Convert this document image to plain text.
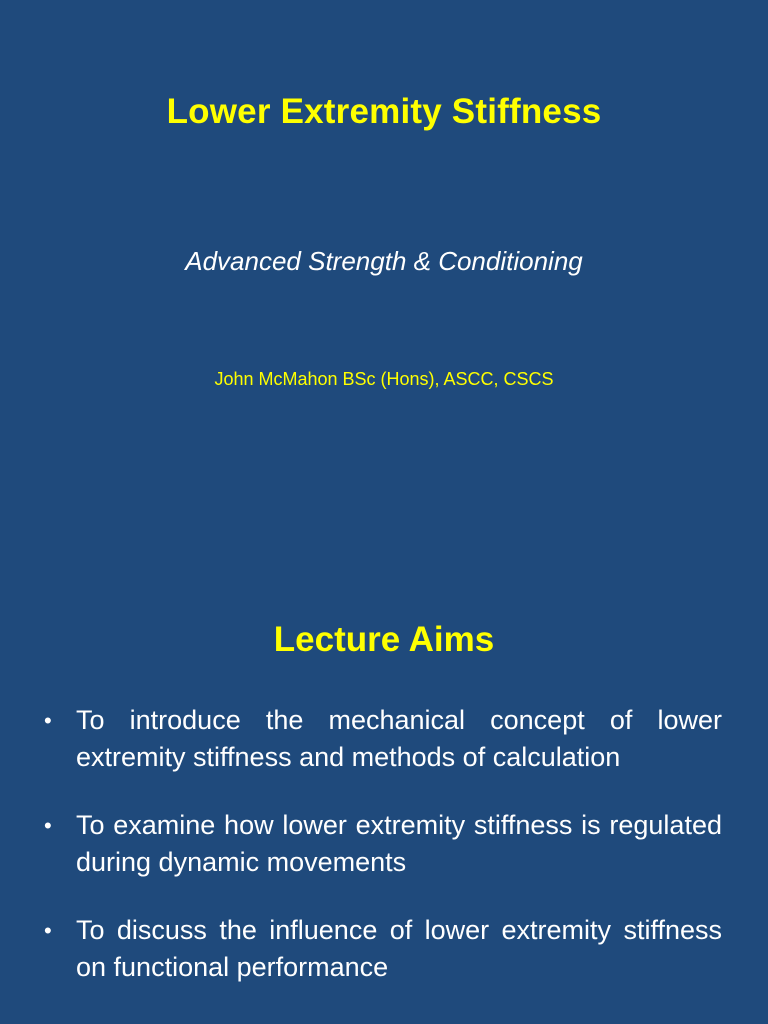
Lower Extremity Stiffness
Advanced Strength & Conditioning
John McMahon BSc (Hons), ASCC, CSCS
Lecture Aims
• To introduce the mechanical concept of lower extremity stiffness and methods of calculation
• To examine how lower extremity stiffness is regulated during dynamic movements
• To discuss the influence of lower extremity stiffness on functional performance
